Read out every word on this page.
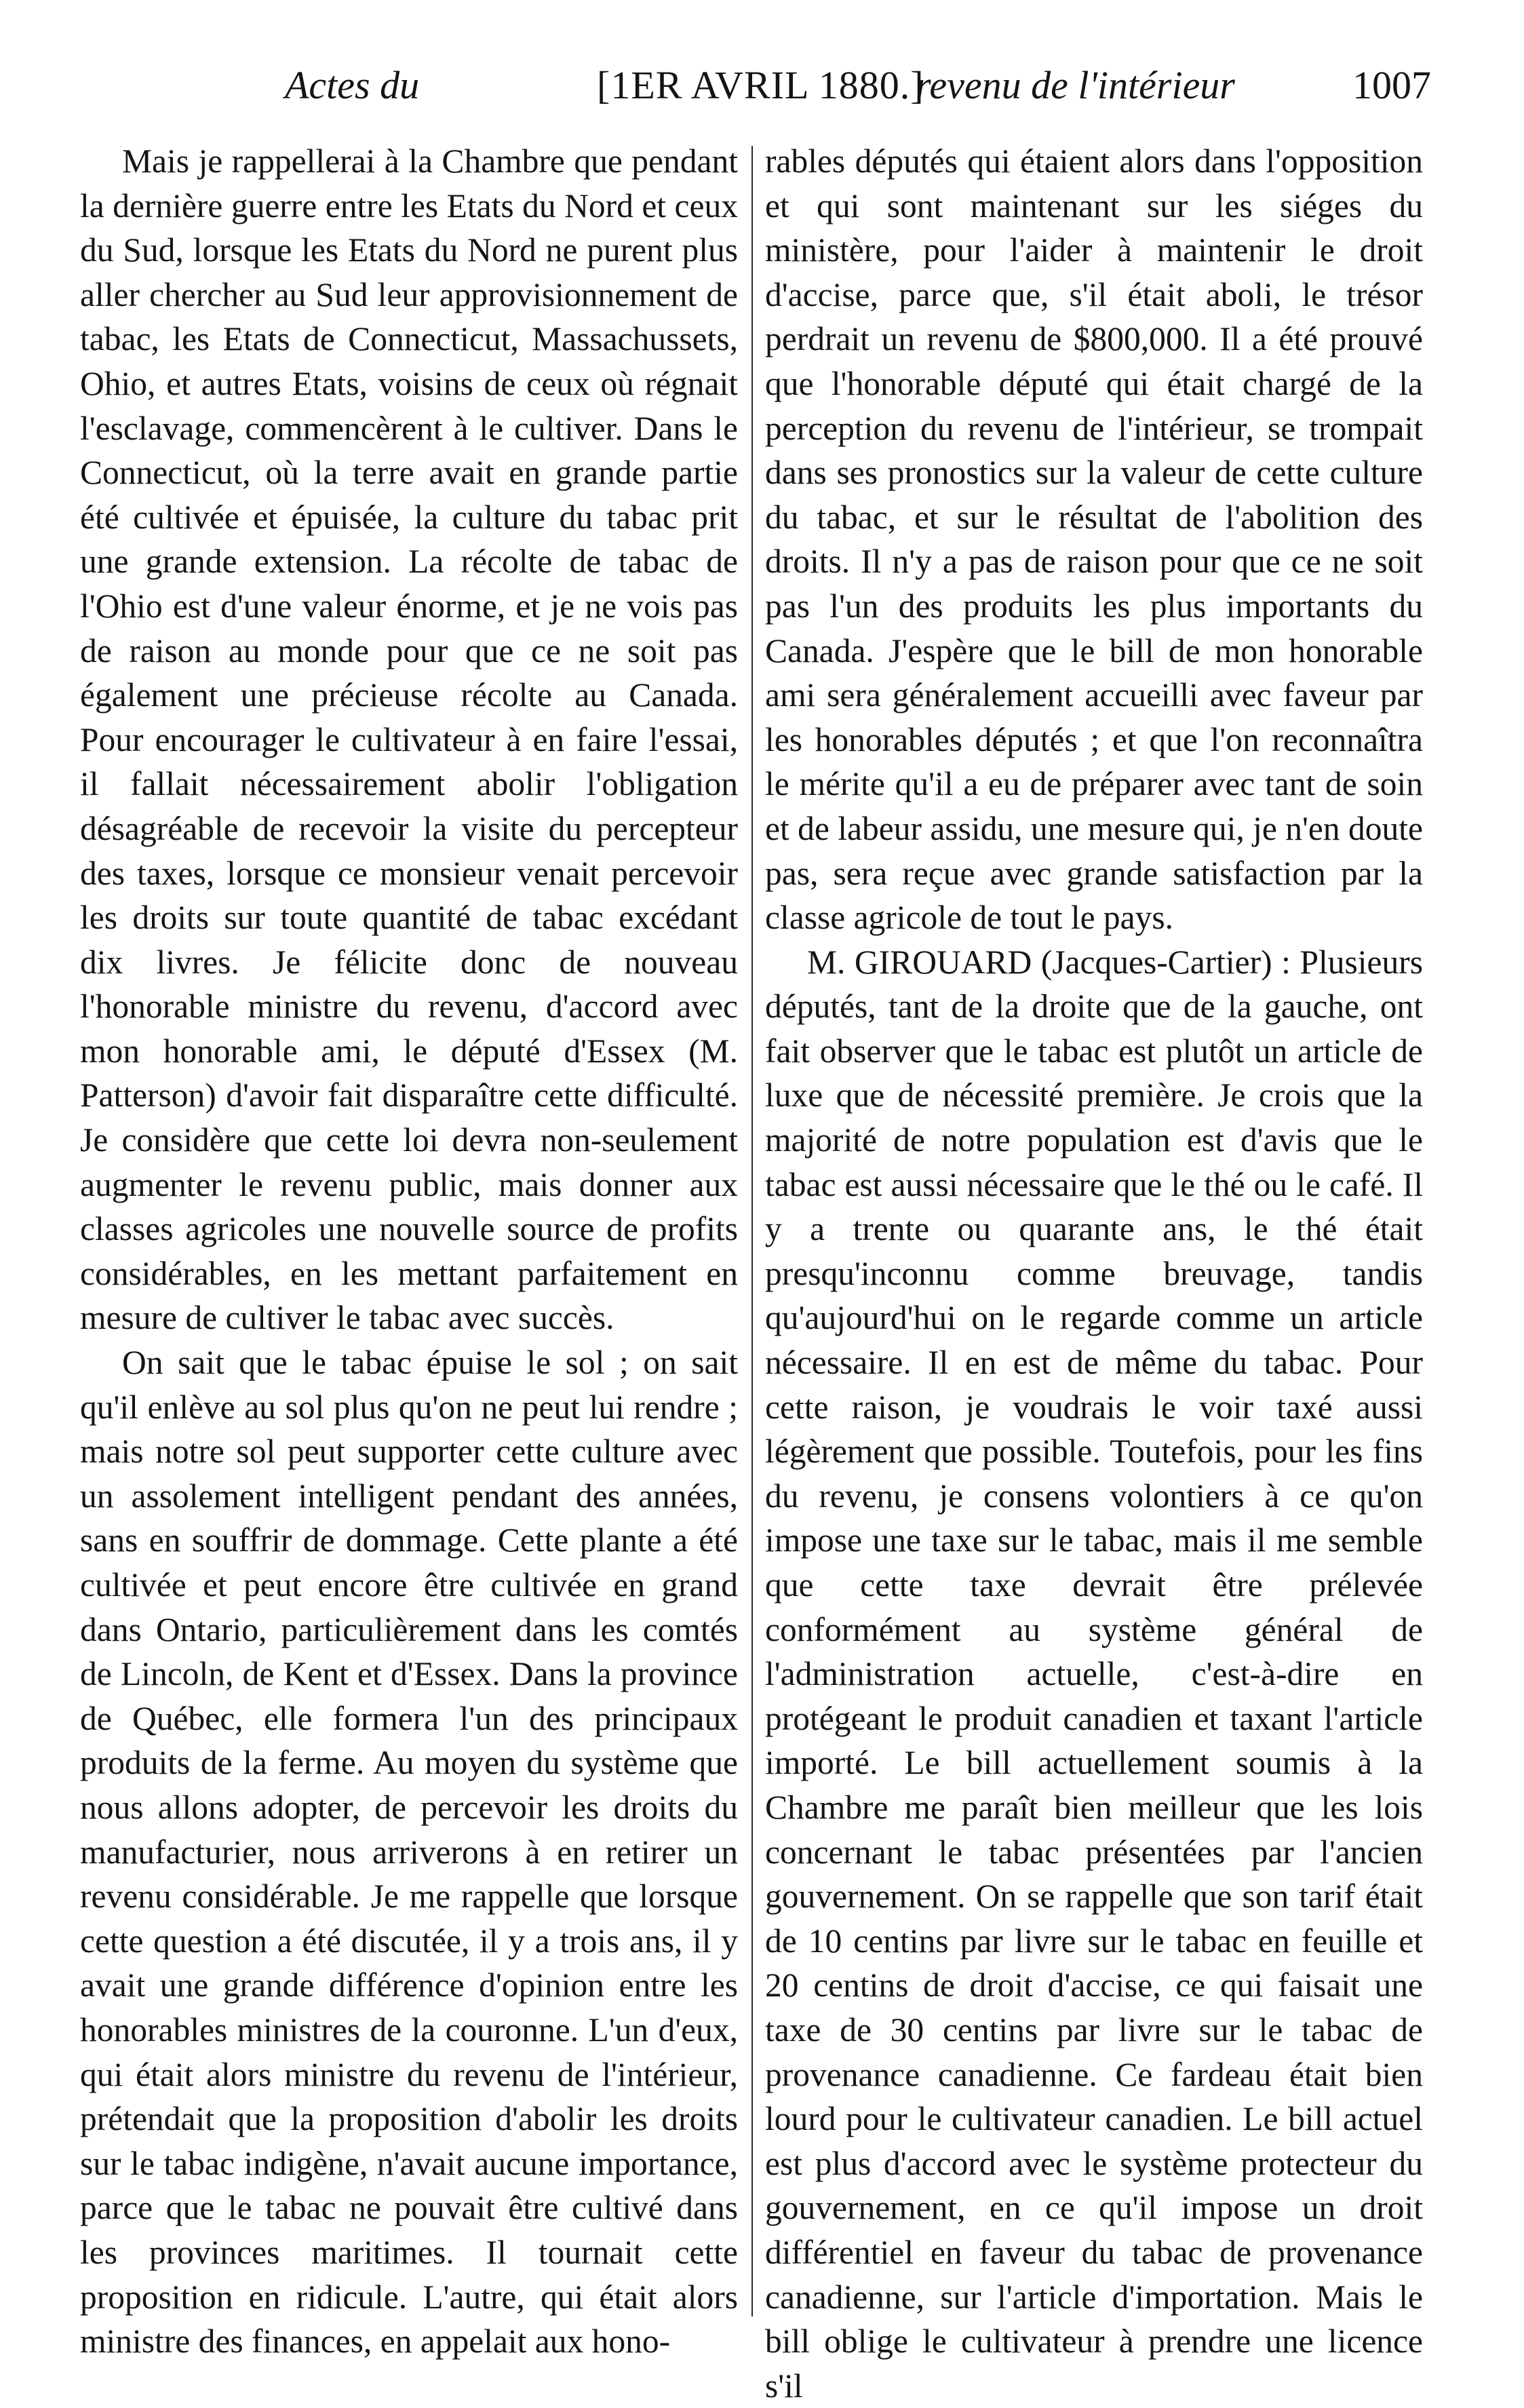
Actes du	[1ER AVRIL 1880.]
revenu de l'intérieur	1007

Mais je rappellerai à la Chambre que pendant la dernière guerre entre les Etats du Nord et ceux du Sud, lorsque les Etats du Nord ne purent plus aller chercher au Sud leur approvisionnement de tabac, les Etats de Connecticut, Massachussets, Ohio, et autres Etats, voisins de ceux où régnait l'esclavage, commencèrent à le cultiver. Dans le Connecticut, où la terre avait en grande partie été cultivée et épuisée, la culture du tabac prit une grande extension. La récolte de tabac de l'Ohio est d'une valeur énorme, et je ne vois pas de raison au monde pour que ce ne soit pas également une précieuse récolte au Canada. Pour encourager le cultivateur à en faire l'essai, il fallait nécessairement abolir l'obligation désagréable de recevoir la visite du percepteur des taxes, lorsque ce monsieur venait percevoir les droits sur toute quantité de tabac excédant dix livres. Je félicite donc de nouveau l'honorable ministre du revenu, d'accord avec mon honorable ami, le député d'Essex (M. Patterson) d'avoir fait disparaître cette difficulté. Je considère que cette loi devra non-seulement augmenter le revenu public, mais donner aux classes agricoles une nouvelle source de profits considérables, en les mettant parfaitement en mesure de cultiver le tabac avec succès.

On sait que le tabac épuise le sol ; on sait qu'il enlève au sol plus qu'on ne peut lui rendre ; mais notre sol peut supporter cette culture avec un assolement intelligent pendant des années, sans en souffrir de dommage. Cette plante a été cultivée et peut encore être cultivée en grand dans Ontario, particulièrement dans les comtés de Lincoln, de Kent et d'Essex. Dans la province de Québec, elle formera l'un des principaux produits de la ferme. Au moyen du système que nous allons adopter, de percevoir les droits du manufacturier, nous arriverons à en retirer un revenu considérable. Je me rappelle que lorsque cette question a été discutée, il y a trois ans, il y avait une grande différence d'opinion entre les honorables ministres de la couronne. L'un d'eux, qui était alors ministre du revenu de l'intérieur, prétendait que la proposition d'abolir les droits sur le tabac indigène, n'avait aucune importance, parce que le tabac ne pouvait être cultivé dans les provinces maritimes. Il tournait cette proposition en ridicule. L'autre, qui était alors ministre des finances, en appelait aux hono-

rables députés qui étaient alors dans l'opposition et qui sont maintenant sur les siéges du ministère, pour l'aider à maintenir le droit d'accise, parce que, s'il était aboli, le trésor perdrait un revenu de $800,000. Il a été prouvé que l'honorable député qui était chargé de la perception du revenu de l'intérieur, se trompait dans ses pronostics sur la valeur de cette culture du tabac, et sur le résultat de l'abolition des droits. Il n'y a pas de raison pour que ce ne soit pas l'un des produits les plus importants du Canada. J'espère que le bill de mon honorable ami sera généralement accueilli avec faveur par les honorables députés ; et que l'on reconnaîtra le mérite qu'il a eu de préparer avec tant de soin et de labeur assidu, une mesure qui, je n'en doute pas, sera reçue avec grande satisfaction par la classe agricole de tout le pays.

M. GIROUARD (Jacques-Cartier) : Plusieurs députés, tant de la droite que de la gauche, ont fait observer que le tabac est plutôt un article de luxe que de nécessité première. Je crois que la majorité de notre population est d'avis que le tabac est aussi nécessaire que le thé ou le café. Il y a trente ou quarante ans, le thé était presqu'inconnu comme breuvage, tandis qu'aujourd'hui on le regarde comme un article nécessaire. Il en est de même du tabac. Pour cette raison, je voudrais le voir taxé aussi légèrement que possible. Toutefois, pour les fins du revenu, je consens volontiers à ce qu'on impose une taxe sur le tabac, mais il me semble que cette taxe devrait être prélevée conformément au système général de l'administration actuelle, c'est-à-dire en protégeant le produit canadien et taxant l'article importé. Le bill actuellement soumis à la Chambre me paraît bien meilleur que les lois concernant le tabac présentées par l'ancien gouvernement. On se rappelle que son tarif était de 10 centins par livre sur le tabac en feuille et 20 centins de droit d'accise, ce qui faisait une taxe de 30 centins par livre sur le tabac de provenance canadienne. Ce fardeau était bien lourd pour le cultivateur canadien. Le bill actuel est plus d'accord avec le système protecteur du gouvernement, en ce qu'il impose un droit différentiel en faveur du tabac de provenance canadienne, sur l'article d'importation. Mais le bill oblige le cultivateur à prendre une licence s'il
